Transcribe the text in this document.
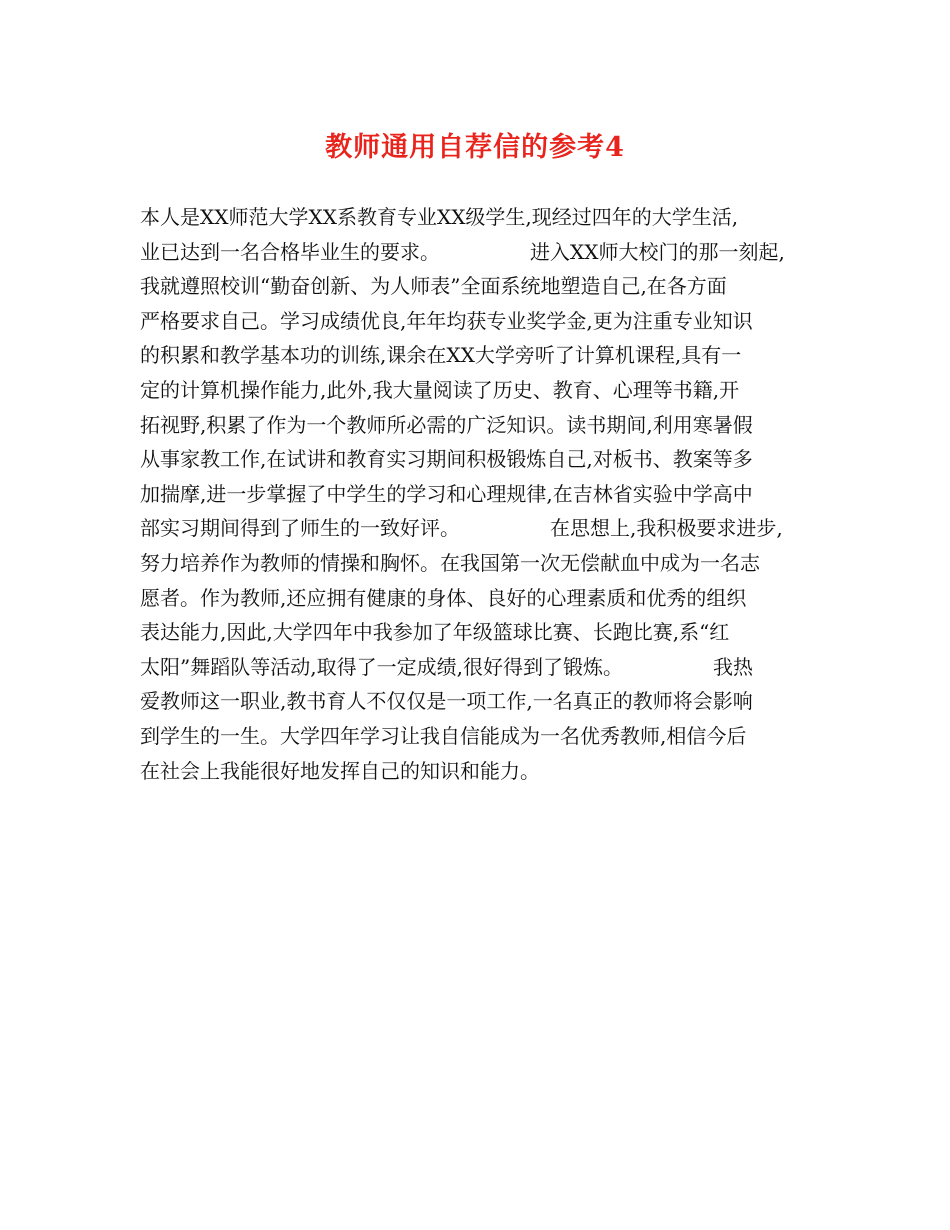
教师通用自荐信的参考4
本人是XX师范大学XX系教育专业XX级学生,现经过四年的大学生活,
业已达到一名合格毕业生的要求。　　　　　进入XX师大校门的那一刻起,
我就遵照校训“勤奋创新、为人师表”全面系统地塑造自己,在各方面
严格要求自己。学习成绩优良,年年均获专业奖学金,更为注重专业知识
的积累和教学基本功的训练,课余在XX大学旁听了计算机课程,具有一
定的计算机操作能力,此外,我大量阅读了历史、教育、心理等书籍,开
拓视野,积累了作为一个教师所必需的广泛知识。读书期间,利用寒暑假
从事家教工作,在试讲和教育实习期间积极锻炼自己,对板书、教案等多
加揣摩,进一步掌握了中学生的学习和心理规律,在吉林省实验中学高中
部实习期间得到了师生的一致好评。　　　　　在思想上,我积极要求进步,
努力培养作为教师的情操和胸怀。在我国第一次无偿献血中成为一名志
愿者。作为教师,还应拥有健康的身体、良好的心理素质和优秀的组织
表达能力,因此,大学四年中我参加了年级篮球比赛、长跑比赛,系“红
太阳”舞蹈队等活动,取得了一定成绩,很好得到了锻炼。　　　　　我热
爱教师这一职业,教书育人不仅仅是一项工作,一名真正的教师将会影响
到学生的一生。大学四年学习让我自信能成为一名优秀教师,相信今后
在社会上我能很好地发挥自己的知识和能力。
